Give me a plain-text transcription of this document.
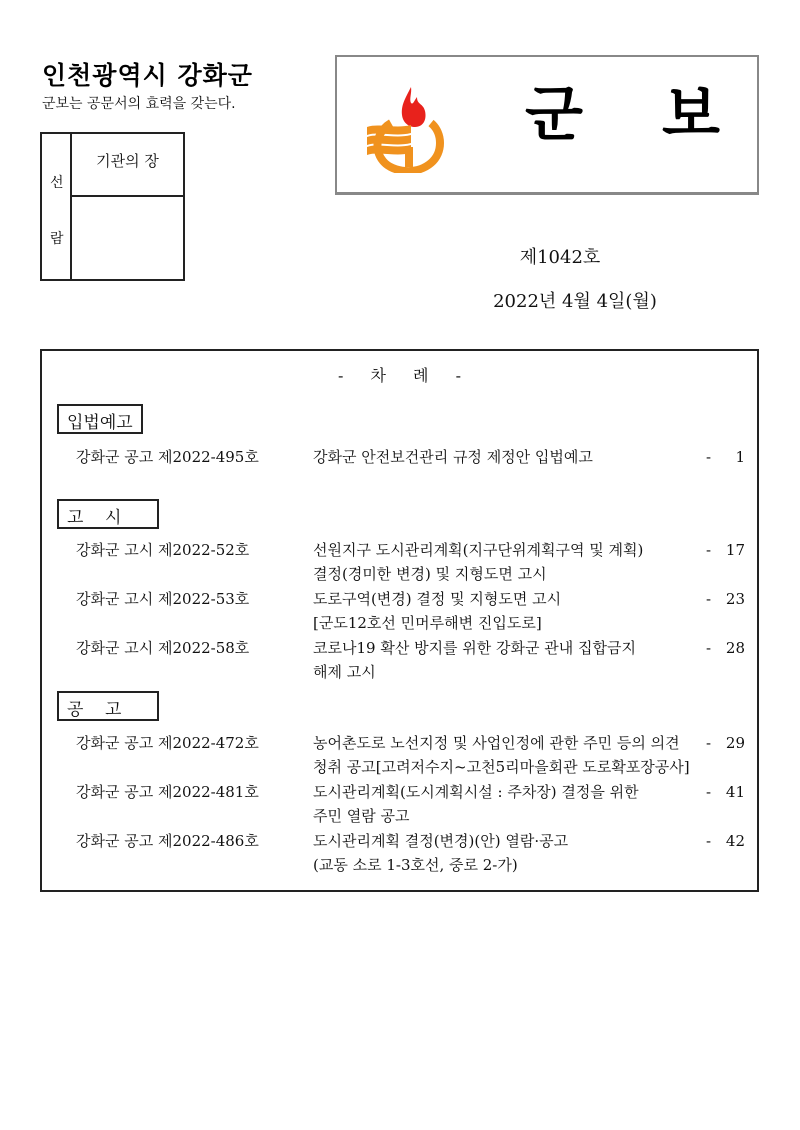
인천광역시 강화군
군보는 공문서의 효력을 갖는다.
선
람
기관의 장
군 보
제1042호
2022년 4월 4일(월)
- 차 례 -
입법예고
강화군 공고 제2022-495호	강화군 안전보건관리 규정 제정안 입법예고	- 1
고    시
강화군 고시 제2022-52호	선원지구 도시관리계획(지구단위계획구역 및 계획)
결정(경미한 변경) 및 지형도면 고시
- 17
강화군 고시 제2022-53호	도로구역(변경) 결정 및 지형도면 고시
[군도12호선 민머루해변 진입도로]
- 23
강화군 고시 제2022-58호	코로나19 확산 방지를 위한 강화군 관내 집합금지
해제 고시
- 28
공    고
강화군 공고 제2022-472호	농어촌도로 노선지정 및 사업인정에 관한 주민 등의 의견
청취 공고[고려저수지~고천5리마을회관 도로확포장공사]
- 29
강화군 공고 제2022-481호	도시관리계획(도시계획시설 : 주차장) 결정을 위한
주민 열람 공고
- 41
강화군 공고 제2022-486호	도시관리계획 결정(변경)(안) 열람·공고
(교동 소로 1-3호선, 중로 2-가)
- 42
